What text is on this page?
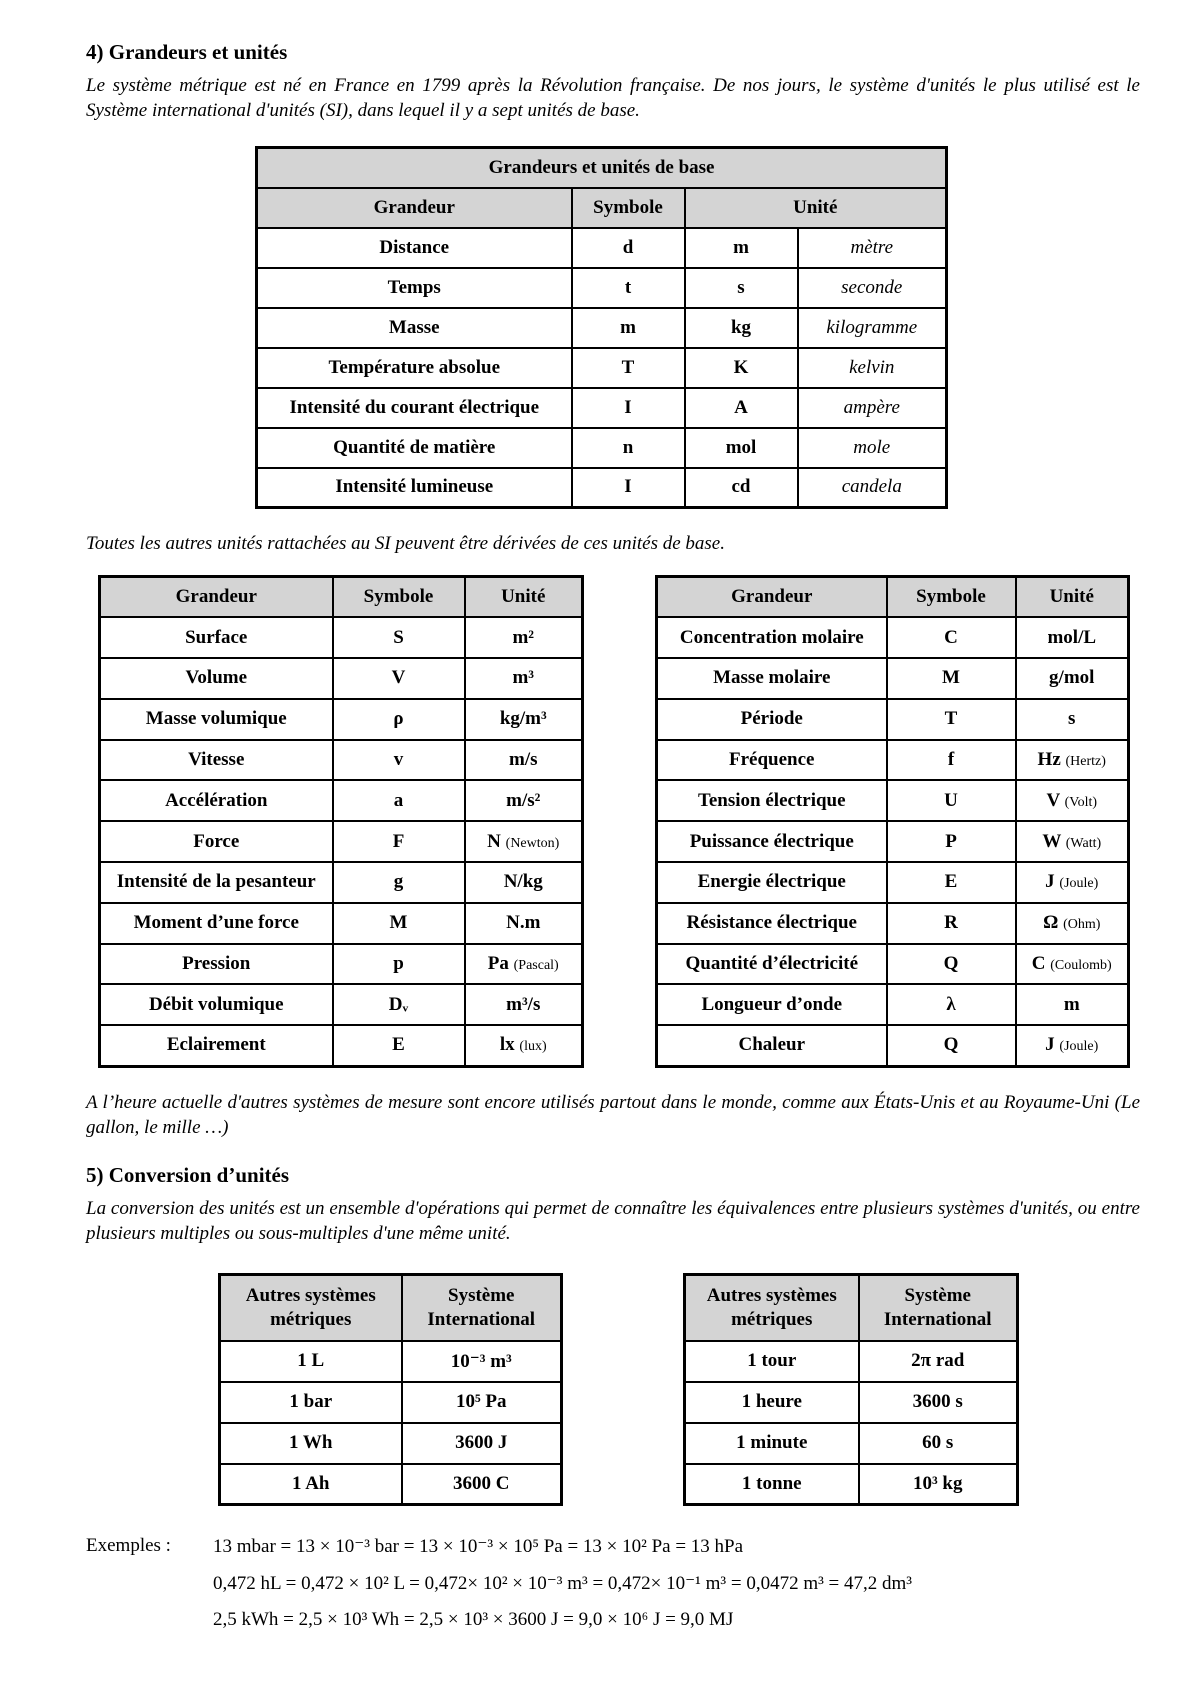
4) Grandeurs et unités

Le système métrique est né en France en 1799 après la Révolution française. De nos jours, le système d'unités le plus utilisé est le Système international d'unités (SI), dans lequel il y a sept unités de base.

Grandeurs et unités de base			
Grandeur	Symbole	Unité	
Distance	d	m	mètre
Temps	t	s	seconde
Masse	m	kg	kilogramme
Température absolue	T	K	kelvin
Intensité du courant électrique	I	A	ampère
Quantité de matière	n	mol	mole
Intensité lumineuse	I	cd	candela

Toutes les autres unités rattachées au SI peuvent être dérivées de ces unités de base.

Grandeur	Symbole	Unité
Surface	S	m²
Volume	V	m³
Masse volumique	ρ	kg/m³
Vitesse	v	m/s
Accélération	a	m/s²
Force	F	N (Newton)
Intensité de la pesanteur	g	N/kg
Moment d’une force	M	N.m
Pression	p	Pa (Pascal)
Débit volumique	Dᵥ	m³/s
Eclairement	E	lx (lux)
Grandeur	Symbole	Unité
Concentration molaire	C	mol/L
Masse molaire	M	g/mol
Période	T	s
Fréquence	f	Hz (Hertz)
Tension électrique	U	V (Volt)
Puissance électrique	P	W (Watt)
Energie électrique	E	J (Joule)
Résistance électrique	R	Ω (Ohm)
Quantité d’électricité	Q	C (Coulomb)
Longueur d’onde	λ	m
Chaleur	Q	J (Joule)

A l’heure actuelle d'autres systèmes de mesure sont encore utilisés partout dans le monde, comme aux États-Unis et au Royaume-Uni (Le gallon, le mille …)

5) Conversion d’unités

La conversion des unités est un ensemble d'opérations qui permet de connaître les équivalences entre plusieurs systèmes d'unités, ou entre plusieurs multiples ou sous-multiples d'une même unité.

Autres systèmes métriques	Système International
1 L	10⁻³ m³
1 bar	10⁵ Pa
1 Wh	3600 J
1 Ah	3600 C
Autres systèmes métriques	Système International
1 tour	2π rad
1 heure	3600 s
1 minute	60 s
1 tonne	10³ kg
Exemples : 13 mbar = 13 × 10⁻³ bar = 13 × 10⁻³ × 10⁵ Pa = 13 × 10² Pa = 13 hPa
0,472 hL = 0,472 × 10² L = 0,472× 10² × 10⁻³ m³ = 0,472× 10⁻¹ m³ = 0,0472 m³ = 47,2 dm³
2,5 kWh = 2,5 × 10³ Wh = 2,5 × 10³ × 3600 J = 9,0 × 10⁶ J = 9,0 MJ
